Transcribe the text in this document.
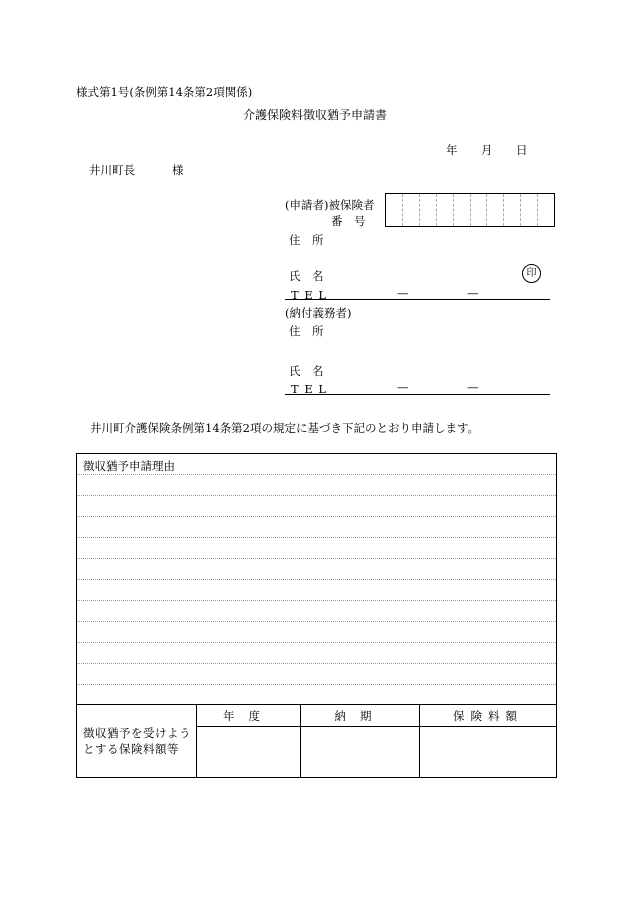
様式第1号(条例第14条第2項関係)
介護保険料徴収猶予申請書
年 月 日
井川町長	様
(申請者)被保険者
番　号
住　所
氏　名	印
T E L	—	—
(納付義務者)
住　所
氏　名
T E L	—	—
井川町介護保険条例第14条第2項の規定に基づき下記のとおり申請します。
徴収猶予申請理由
徴収猶予を受けよう
とする保険料額等
年度	納期	保険料額
